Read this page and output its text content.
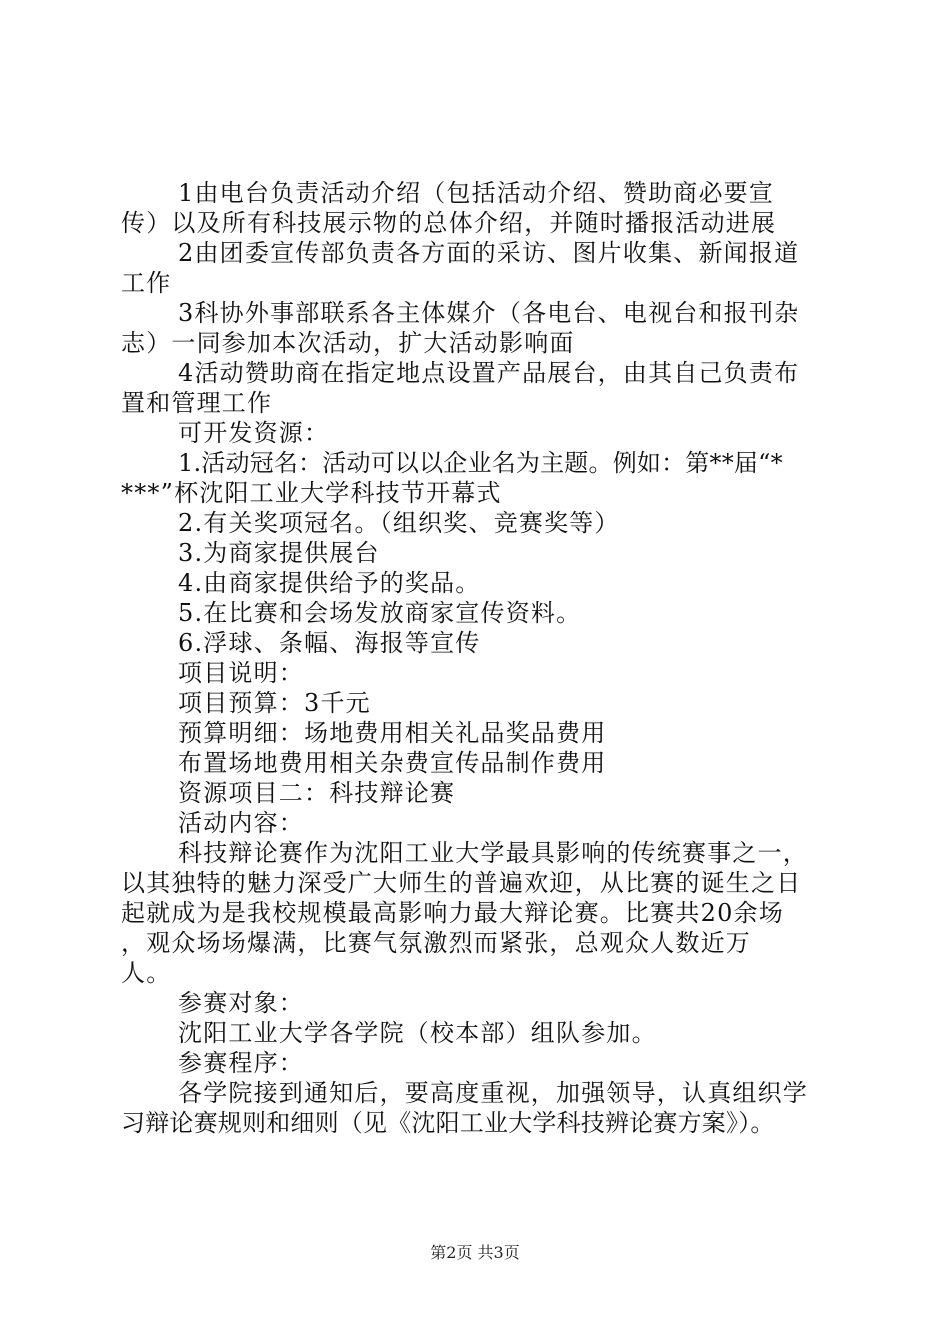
1由电台负责活动介绍（包括活动介绍、赞助商必要宣
传）以及所有科技展示物的总体介绍，并随时播报活动进展
2由团委宣传部负责各方面的采访、图片收集、新闻报道
工作
3科协外事部联系各主体媒介（各电台、电视台和报刊杂
志）一同参加本次活动，扩大活动影响面
4活动赞助商在指定地点设置产品展台，由其自己负责布
置和管理工作
可开发资源：
1.活动冠名：活动可以以企业名为主题。例如：第**届“*
***”杯沈阳工业大学科技节开幕式
2.有关奖项冠名。（组织奖、竞赛奖等）
3.为商家提供展台
4.由商家提供给予的奖品。
5.在比赛和会场发放商家宣传资料。
6.浮球、条幅、海报等宣传
项目说明：
项目预算：3千元
预算明细：场地费用相关礼品奖品费用
布置场地费用相关杂费宣传品制作费用
资源项目二：科技辩论赛
活动内容：
科技辩论赛作为沈阳工业大学最具影响的传统赛事之一，
以其独特的魅力深受广大师生的普遍欢迎，从比赛的诞生之日
起就成为是我校规模最高影响力最大辩论赛。比赛共20余场
，观众场场爆满，比赛气氛激烈而紧张，总观众人数近万
人。
参赛对象：
沈阳工业大学各学院（校本部）组队参加。
参赛程序：
各学院接到通知后，要高度重视，加强领导，认真组织学
习辩论赛规则和细则（见《沈阳工业大学科技辨论赛方案》）。
第2页 共3页
